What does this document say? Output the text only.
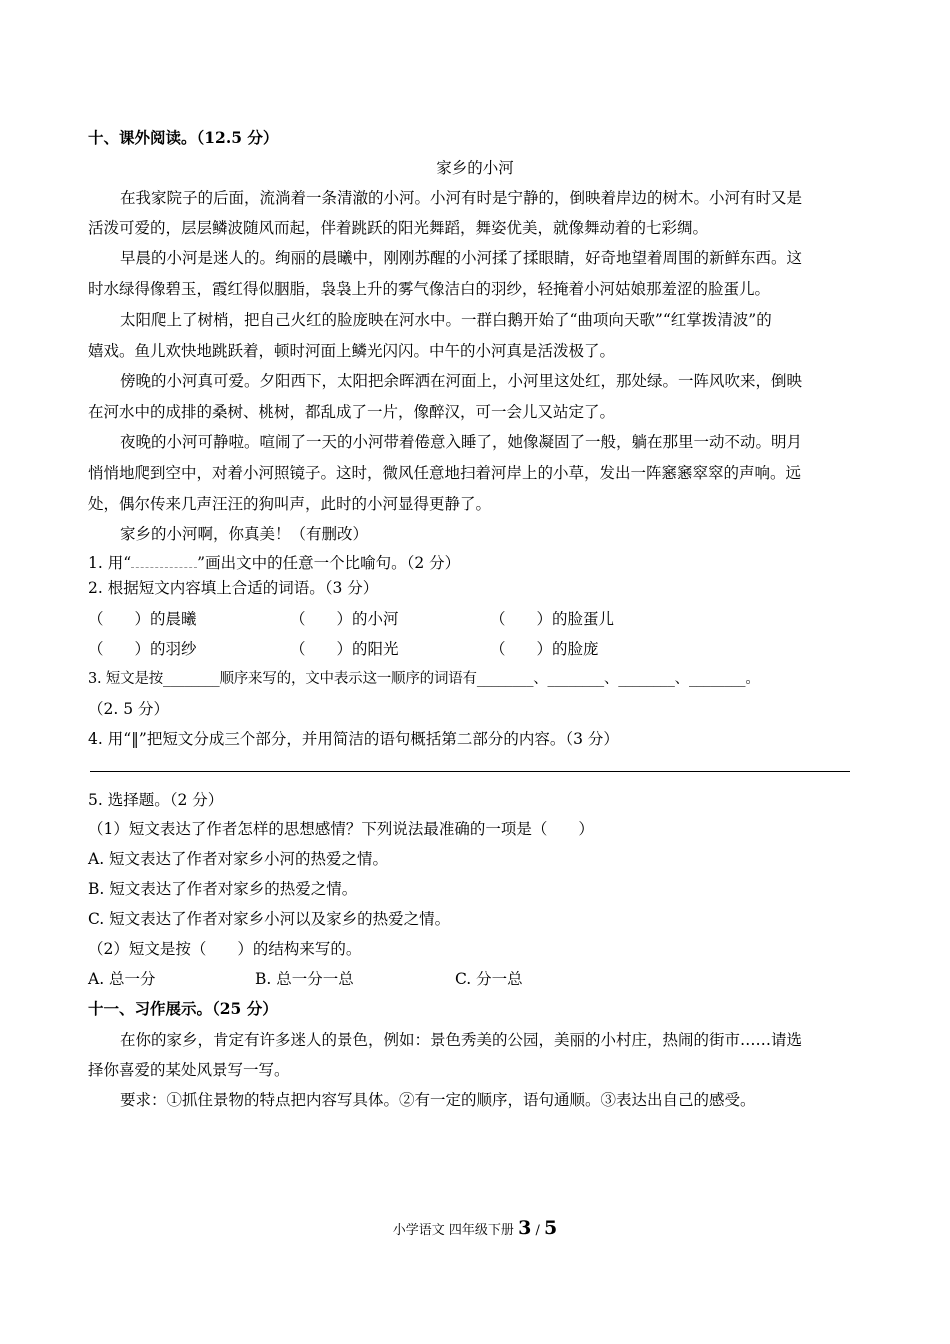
十、课外阅读。（12.5 分）
家乡的小河
在我家院子的后面，流淌着一条清澈的小河。小河有时是宁静的，倒映着岸边的树木。小河有时又是
活泼可爱的，层层鳞波随风而起，伴着跳跃的阳光舞蹈，舞姿优美，就像舞动着的七彩绸。
早晨的小河是迷人的。绚丽的晨曦中，刚刚苏醒的小河揉了揉眼睛，好奇地望着周围的新鲜东西。这
时水绿得像碧玉，霞红得似胭脂，袅袅上升的雾气像洁白的羽纱，轻掩着小河姑娘那羞涩的脸蛋儿。
太阳爬上了树梢，把自己火红的脸庞映在河水中。一群白鹅开始了“曲项向天歌”“红掌拨清波”的
嬉戏。鱼儿欢快地跳跃着，顿时河面上鳞光闪闪。中午的小河真是活泼极了。
傍晚的小河真可爱。夕阳西下，太阳把余晖洒在河面上，小河里这处红，那处绿。一阵风吹来，倒映
在河水中的成排的桑树、桃树，都乱成了一片，像醉汉，可一会儿又站定了。
夜晚的小河可静啦。喧闹了一天的小河带着倦意入睡了，她像凝固了一般，躺在那里一动不动。明月
悄悄地爬到空中，对着小河照镜子。这时，微风任意地扫着河岸上的小草，发出一阵窸窸窣窣的声响。远
处，偶尔传来几声汪汪的狗叫声，此时的小河显得更静了。
家乡的小河啊，你真美！（有删改）
1. 用“	”画出文中的任意一个比喻句。（2 分）
2. 根据短文内容填上合适的词语。（3 分）
（　　）的晨曦	（　　）的小河	（　　）的脸蛋儿
（　　）的羽纱	（　　）的阳光	（　　）的脸庞
3. 短文是按________顺序来写的，文中表示这一顺序的词语有________、________、________、________。
（2. 5 分）
4. 用“‖”把短文分成三个部分，并用简洁的语句概括第二部分的内容。（3 分）
5. 选择题。（2 分）
（1）短文表达了作者怎样的思想感情？下列说法最准确的一项是（　　）
A. 短文表达了作者对家乡小河的热爱之情。
B. 短文表达了作者对家乡的热爱之情。
C. 短文表达了作者对家乡小河以及家乡的热爱之情。
（2）短文是按（　　）的结构来写的。
A. 总一分	B. 总一分一总	C. 分一总
十一、习作展示。（25 分）
在你的家乡，肯定有许多迷人的景色，例如：景色秀美的公园，美丽的小村庄，热闹的街市……请选
择你喜爱的某处风景写一写。
要求：①抓住景物的特点把内容写具体。②有一定的顺序，语句通顺。③表达出自己的感受。
小学语文 四年级下册 3 / 5
